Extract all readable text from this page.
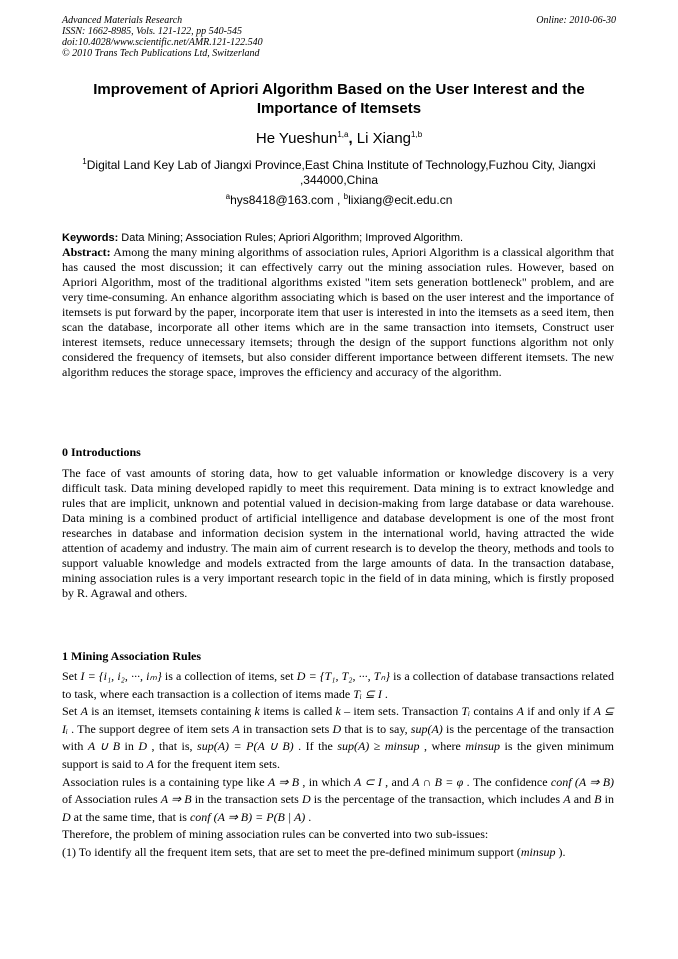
Advanced Materials Research
ISSN: 1662-8985, Vols. 121-122, pp 540-545
doi:10.4028/www.scientific.net/AMR.121-122.540
© 2010 Trans Tech Publications Ltd, Switzerland
Online: 2010-06-30
Improvement of Apriori Algorithm Based on the User Interest and the Importance of Itemsets
He Yueshun$^{1,a}$, Li Xiang$^{1,b}$
$^1$Digital Land Key Lab of Jiangxi Province,East China Institute of Technology,Fuzhou City, Jiangxi ,344000,China
$^a$hys8418@163.com , $^b$lixiang@ecit.edu.cn
Keywords: Data Mining; Association Rules; Apriori Algorithm; Improved Algorithm.
Abstract: Among the many mining algorithms of association rules, Apriori Algorithm is a classical algorithm that has caused the most discussion; it can effectively carry out the mining association rules. However, based on Apriori Algorithm, most of the traditional algorithms existed "item sets generation bottleneck" problem, and are very time-consuming. An enhance algorithm associating which is based on the user interest and the importance of itemsets is put forward by the paper, incorporate item that user is interested in into the itemsets as a seed item, then scan the database, incorporate all other items which are in the same transaction into itemsets, Construct user interest itemsets, reduce unnecessary itemsets; through the design of the support functions algorithm not only considered the frequency of itemsets, but also consider different importance between different itemsets. The new algorithm reduces the storage space, improves the efficiency and accuracy of the algorithm.
0 Introductions
The face of vast amounts of storing data, how to get valuable information or knowledge discovery is a very difficult task. Data mining developed rapidly to meet this requirement. Data mining is to extract knowledge and rules that are implicit, unknown and potential valued in decision-making from large database or data warehouse. Data mining is a combined product of artificial intelligence and database development is one of the most front researches in database and information decision system in the international world, having attracted the wide attention of academy and industry. The main aim of current research is to develop the theory, methods and tools to support valuable knowledge and models extracted from the large amounts of data. In the transaction database, mining association rules is a very important research topic in the field of in data mining, which is firstly proposed by R. Agrawal and others.
1 Mining Association Rules

Set I = {i₁, i₂, ···, iₘ} is a collection of items, set D = {T₁, T₂, ···, Tₙ} is a collection of database transactions related to task, where each transaction is a collection of items made Tᵢ ⊆ I .

Set A is an itemset, itemsets containing k items is called k – item sets. Transaction Tᵢ contains A if and only if A ⊆ Iᵢ . The support degree of item sets A in transaction sets D that is to say, sup(A) is the percentage of the transaction with A ∪ B in D , that is, sup(A) = P(A ∪ B) . If the sup(A) ≥ minsup , where minsup is the given minimum support is said to A for the frequent item sets.

Association rules is a containing type like A ⇒ B , in which A ⊂ I , and A ∩ B = φ . The confidence conf (A ⇒ B) of Association rules A ⇒ B in the transaction sets D is the percentage of the transaction, which includes A and B in D at the same time, that is conf (A ⇒ B) = P(B | A) .

Therefore, the problem of mining association rules can be converted into two sub-issues:

(1) To identify all the frequent item sets, that are set to meet the pre-defined minimum support (minsup ).
